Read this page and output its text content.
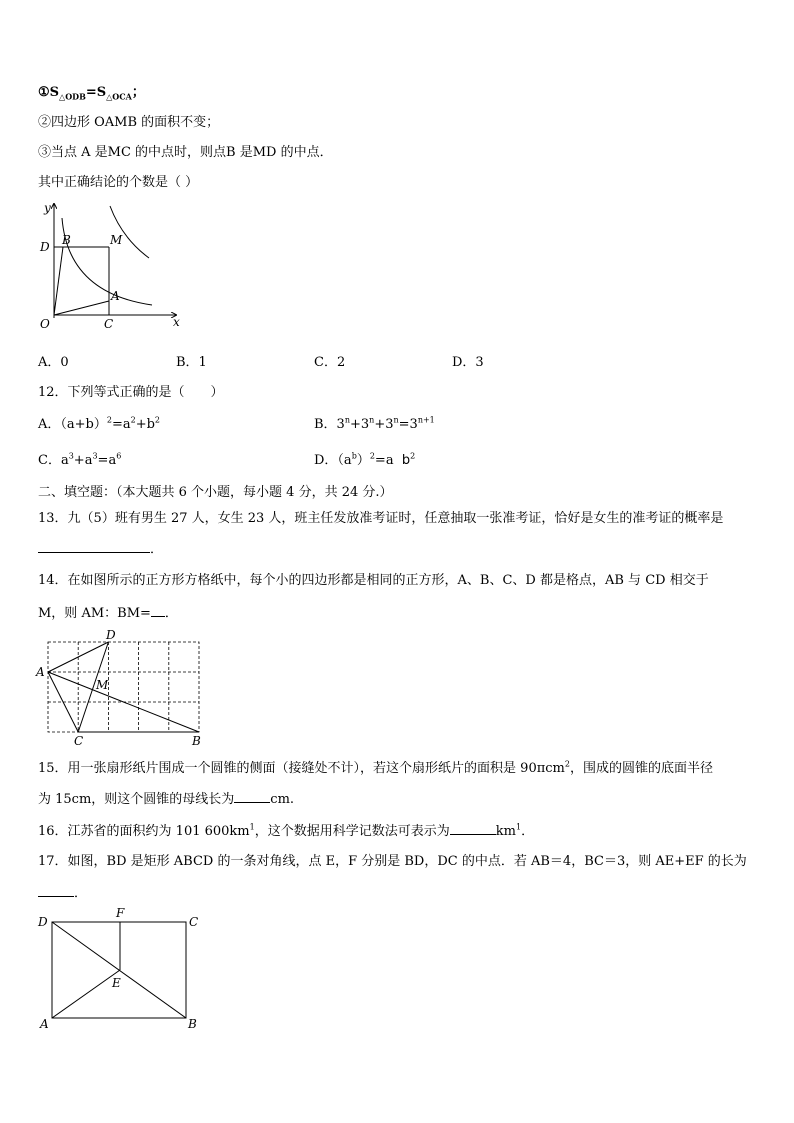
$①S_{\triangle ODB}=S_{\triangle OCA}$；
②四边形 OAMB 的面积不变；
③当点 A 是MC 的中点时，则点B 是MD 的中点．
其中正确结论的个数是（ ）
y
x
O	C
D B	M
A
A．0	B．1	C．2	D．3
12．下列等式正确的是（　　）
A．$(a+b)^2=a^2+b^2$	B．$3^n+3^n+3^n=3^{n+1}$
C．$a^3+a^3=a^6$	D．$(a^b)^2=a$ $b^2$
二、填空题：（本大题共 6 个小题，每小题 4 分，共 24 分.）
13．九（5）班有男生 27 人，女生 23 人，班主任发放准考证时，任意抽取一张准考证，恰好是女生的准考证的概率是
．
14．在如图所示的正方形方格纸中，每个小的四边形都是相同的正方形，A、B、C、D 都是格点，AB 与 CD 相交于
M，则 AM：BM= ．
A
D
M
C	B
15．用一张扇形纸片围成一个圆锥的侧面（接缝处不计），若这个扇形纸片的面积是 90πcm$^2$，围成的圆锥的底面半径
为 15cm，则这个圆锥的母线长为	cm.
16．江苏省的面积约为 101 $600km^1$，这个数据用科学记数法可表示为	$km^1$．
17．如图，BD 是矩形 ABCD 的一条对角线，点 E，F 分别是 BD，DC 的中点．若 AB＝4，BC＝3，则 AE+EF 的长为
．
D
F
C
E
A	B
